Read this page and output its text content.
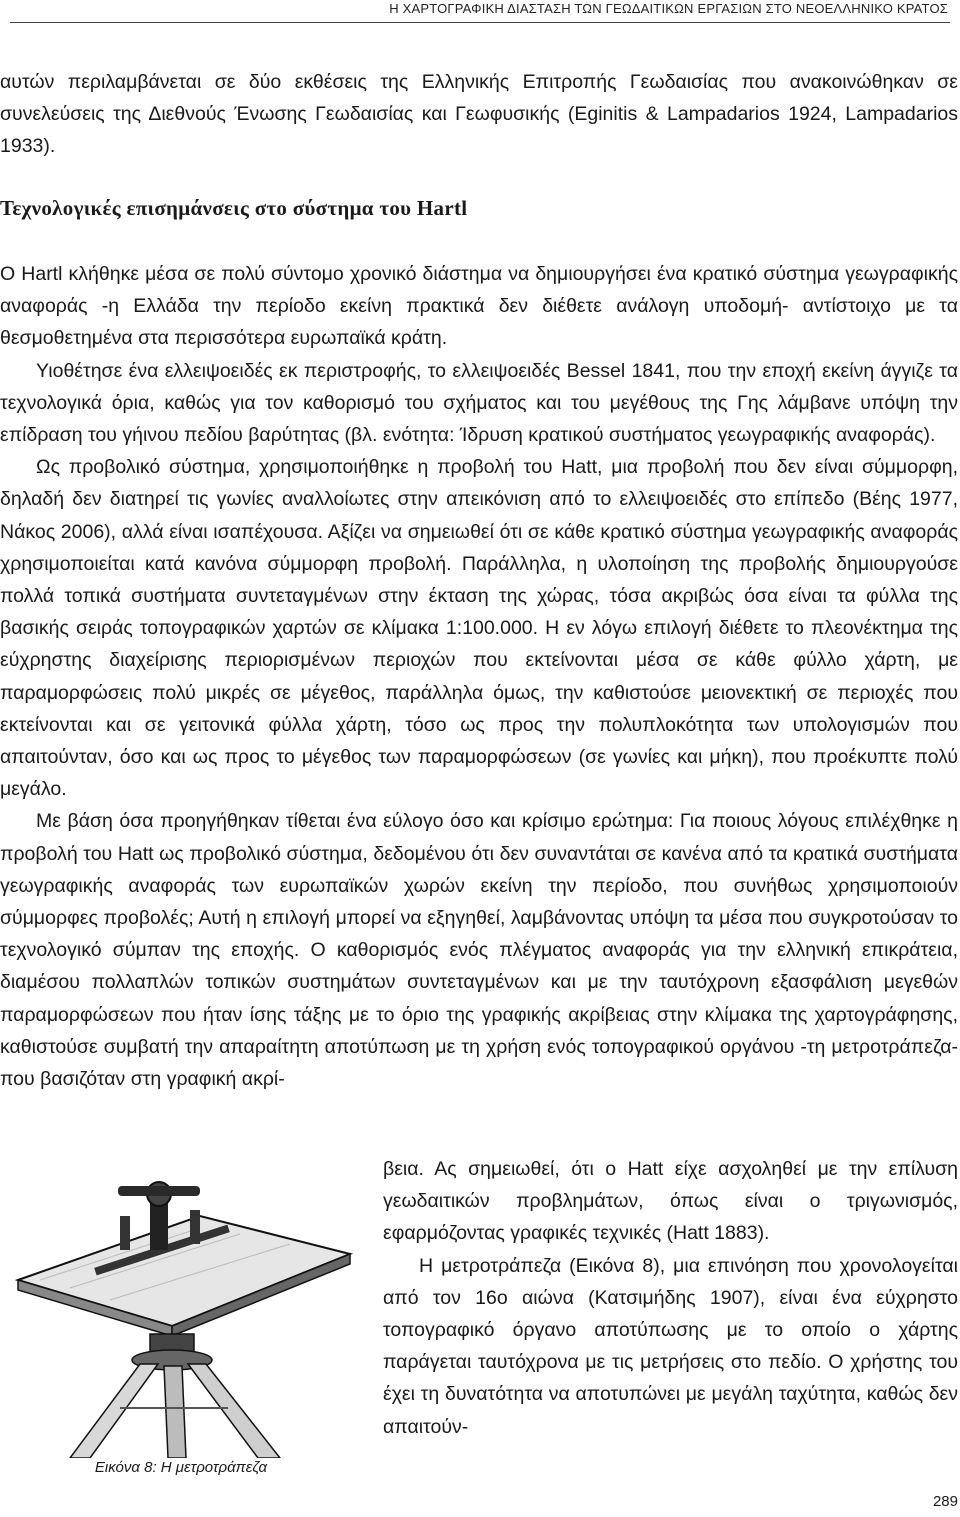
Η ΧΑΡΤΟΓΡΑΦΙΚΗ ΔΙΑΣΤΑΣΗ ΤΩΝ ΓΕΩΔΑΙΤΙΚΩΝ ΕΡΓΑΣΙΩΝ ΣΤΟ ΝΕΟΕΛΛΗΝΙΚΟ ΚΡΑΤΟΣ

αυτών περιλαμβάνεται σε δύο εκθέσεις της Ελληνικής Επιτροπής Γεωδαισίας που ανακοινώθηκαν σε συνελεύσεις της Διεθνούς Ένωσης Γεωδαισίας και Γεωφυσικής (Eginitis & Lampadarios 1924, Lampadarios 1933).

Τεχνολογικές επισημάνσεις στο σύστημα του Hartl

Ο Hartl κλήθηκε μέσα σε πολύ σύντομο χρονικό διάστημα να δημιουργήσει ένα κρατικό σύστημα γεωγραφικής αναφοράς -η Ελλάδα την περίοδο εκείνη πρακτικά δεν διέθετε ανάλογη υποδομή- αντίστοιχο με τα θεσμοθετημένα στα περισσότερα ευρωπαϊκά κράτη.

Υιοθέτησε ένα ελλειψοειδές εκ περιστροφής, το ελλειψοειδές Bessel 1841, που την εποχή εκείνη άγγιζε τα τεχνολογικά όρια, καθώς για τον καθορισμό του σχήματος και του μεγέθους της Γης λάμβανε υπόψη την επίδραση του γήινου πεδίου βαρύτητας (βλ. ενότητα: Ίδρυση κρατικού συστήματος γεωγραφικής αναφοράς).

Ως προβολικό σύστημα, χρησιμοποιήθηκε η προβολή του Hatt, μια προβολή που δεν είναι σύμμορφη, δηλαδή δεν διατηρεί τις γωνίες αναλλοίωτες στην απεικόνιση από το ελλειψοειδές στο επίπεδο (Βέης 1977, Νάκος 2006), αλλά είναι ισαπέχουσα. Αξίζει να σημειωθεί ότι σε κάθε κρατικό σύστημα γεωγραφικής αναφοράς χρησιμοποιείται κατά κανόνα σύμμορφη προβολή. Παράλληλα, η υλοποίηση της προβολής δημιουργούσε πολλά τοπικά συστήματα συντεταγμένων στην έκταση της χώρας, τόσα ακριβώς όσα είναι τα φύλλα της βασικής σειράς τοπογραφικών χαρτών σε κλίμακα 1:100.000. Η εν λόγω επιλογή διέθετε το πλεονέκτημα της εύχρηστης διαχείρισης περιορισμένων περιοχών που εκτείνονται μέσα σε κάθε φύλλο χάρτη, με παραμορφώσεις πολύ μικρές σε μέγεθος, παράλληλα όμως, την καθιστούσε μειονεκτική σε περιοχές που εκτείνονται και σε γειτονικά φύλλα χάρτη, τόσο ως προς την πολυπλοκότητα των υπολογισμών που απαιτούνταν, όσο και ως προς το μέγεθος των παραμορφώσεων (σε γωνίες και μήκη), που προέκυπτε πολύ μεγάλο.

Με βάση όσα προηγήθηκαν τίθεται ένα εύλογο όσο και κρίσιμο ερώτημα: Για ποιους λόγους επιλέχθηκε η προβολή του Hatt ως προβολικό σύστημα, δεδομένου ότι δεν συναντάται σε κανένα από τα κρατικά συστήματα γεωγραφικής αναφοράς των ευρωπαϊκών χωρών εκείνη την περίοδο, που συνήθως χρησιμοποιούν σύμμορφες προβολές; Αυτή η επιλογή μπορεί να εξηγηθεί, λαμβάνοντας υπόψη τα μέσα που συγκροτούσαν το τεχνολογικό σύμπαν της εποχής. Ο καθορισμός ενός πλέγματος αναφοράς για την ελληνική επικράτεια, διαμέσου πολλαπλών τοπικών συστημάτων συντεταγμένων και με την ταυτόχρονη εξασφάλιση μεγεθών παραμορφώσεων που ήταν ίσης τάξης με το όριο της γραφικής ακρίβειας στην κλίμακα της χαρτογράφησης, καθιστούσε συμβατή την απαραίτητη αποτύπωση με τη χρήση ενός τοπογραφικού οργάνου -τη μετροτράπεζα- που βασιζόταν στη γραφική ακρί-

Εικόνα 8: Η μετροτράπεζα

βεια. Ας σημειωθεί, ότι ο Hatt είχε ασχοληθεί με την επίλυση γεωδαιτικών προβλημάτων, όπως είναι ο τριγωνισμός, εφαρμόζοντας γραφικές τεχνικές (Hatt 1883).

Η μετροτράπεζα (Εικόνα 8), μια επινόηση που χρονολογείται από τον 16ο αιώνα (Κατσιμήδης 1907), είναι ένα εύχρηστο τοπογραφικό όργανο αποτύπωσης με το οποίο ο χάρτης παράγεται ταυτόχρονα με τις μετρήσεις στο πεδίο. Ο χρήστης του έχει τη δυνατότητα να αποτυπώνει με μεγάλη ταχύτητα, καθώς δεν απαιτούν-

289
